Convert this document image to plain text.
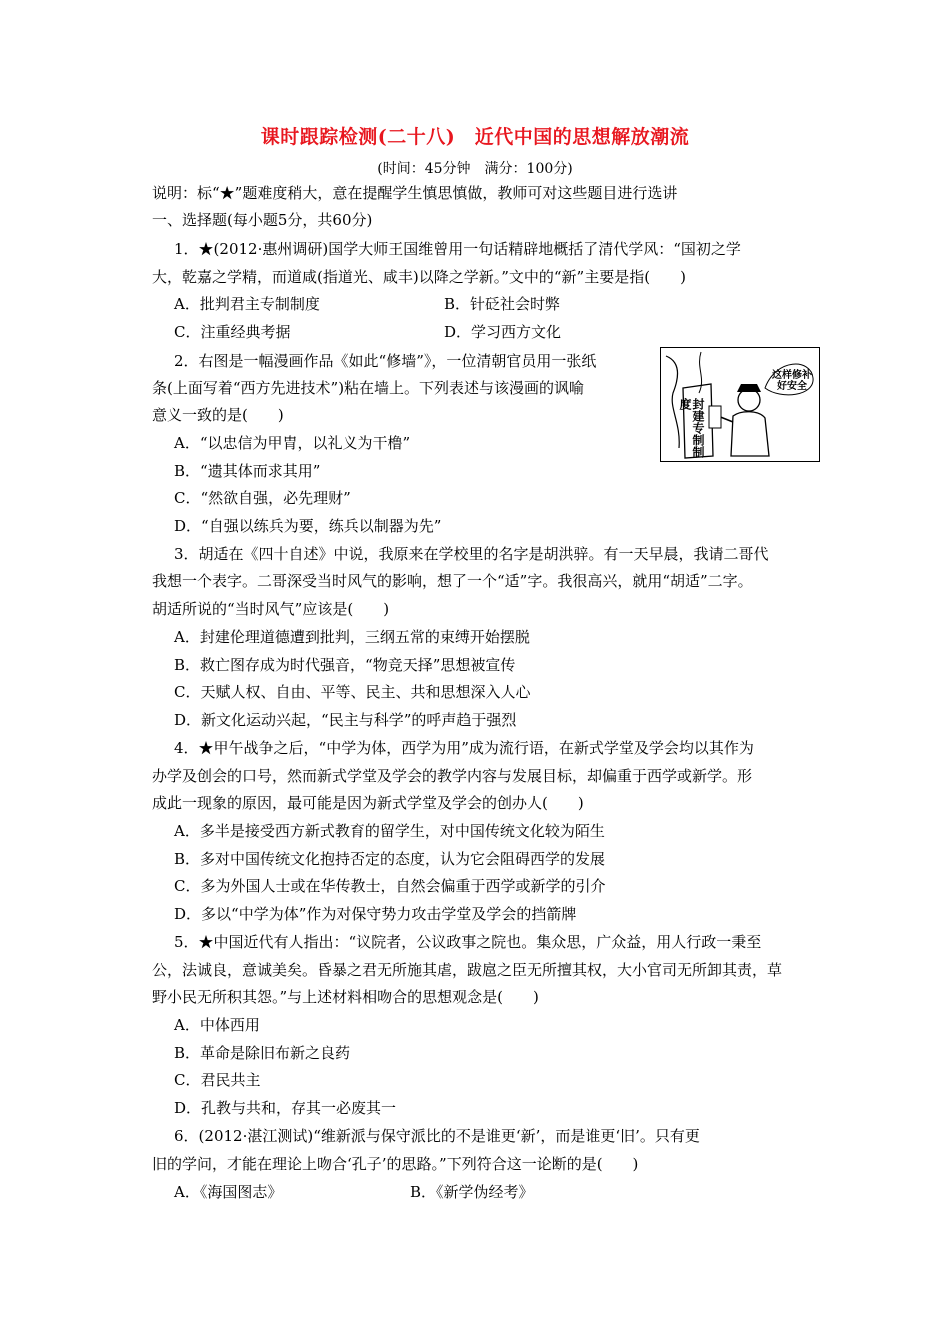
课时跟踪检测(二十八)　近代中国的思想解放潮流
(时间：45分钟　满分：100分)
说明：标“★”题难度稍大，意在提醒学生慎思慎做，教师可对这些题目进行选讲
一、选择题(每小题5分，共60分)
1．★(2012·惠州调研)国学大师王国维曾用一句话精辟地概括了清代学风：“国初之学
大，乾嘉之学精，而道咸(指道光、咸丰)以降之学新。”文中的“新”主要是指(　　)
A．批判君主专制制度	B．针砭社会时弊
C．注重经典考据	D．学习西方文化
2．右图是一幅漫画作品《如此“修墙”》，一位清朝官员用一张纸
条(上面写着“西方先进技术”)粘在墙上。下列表述与该漫画的讽喻
意义一致的是(　　)
A．“以忠信为甲胄，以礼义为干橹”
B．“遗其体而求其用”
C．“然欲自强，必先理财”
D．“自强以练兵为要，练兵以制器为先”
封建专制制度
这样修补好安全
3．胡适在《四十自述》中说，我原来在学校里的名字是胡洪骍。有一天早晨，我请二哥代
我想一个表字。二哥深受当时风气的影响，想了一个“适”字。我很高兴，就用“胡适”二字。
胡适所说的“当时风气”应该是(　　)
A．封建伦理道德遭到批判，三纲五常的束缚开始摆脱
B．救亡图存成为时代强音，“物竞天择”思想被宣传
C．天赋人权、自由、平等、民主、共和思想深入人心
D．新文化运动兴起，“民主与科学”的呼声趋于强烈
4．★甲午战争之后，“中学为体，西学为用”成为流行语，在新式学堂及学会均以其作为
办学及创会的口号，然而新式学堂及学会的教学内容与发展目标，却偏重于西学或新学。形
成此一现象的原因，最可能是因为新式学堂及学会的创办人(　　)
A．多半是接受西方新式教育的留学生，对中国传统文化较为陌生
B．多对中国传统文化抱持否定的态度，认为它会阻碍西学的发展
C．多为外国人士或在华传教士，自然会偏重于西学或新学的引介
D．多以“中学为体”作为对保守势力攻击学堂及学会的挡箭牌
5．★中国近代有人指出：“议院者，公议政事之院也。集众思，广众益，用人行政一秉至
公，法诚良，意诚美矣。昏暴之君无所施其虐，跋扈之臣无所擅其权，大小官司无所卸其责，草
野小民无所积其怨。”与上述材料相吻合的思想观念是(　　)
A．中体西用
B．革命是除旧布新之良药
C．君民共主
D．孔教与共和，存其一必废其一
6．(2012·湛江测试)“维新派与保守派比的不是谁更‘新’，而是谁更‘旧’。只有更
旧的学问，才能在理论上吻合‘孔子’的思路。”下列符合这一论断的是(　　)
A．《海国图志》	B．《新学伪经考》
